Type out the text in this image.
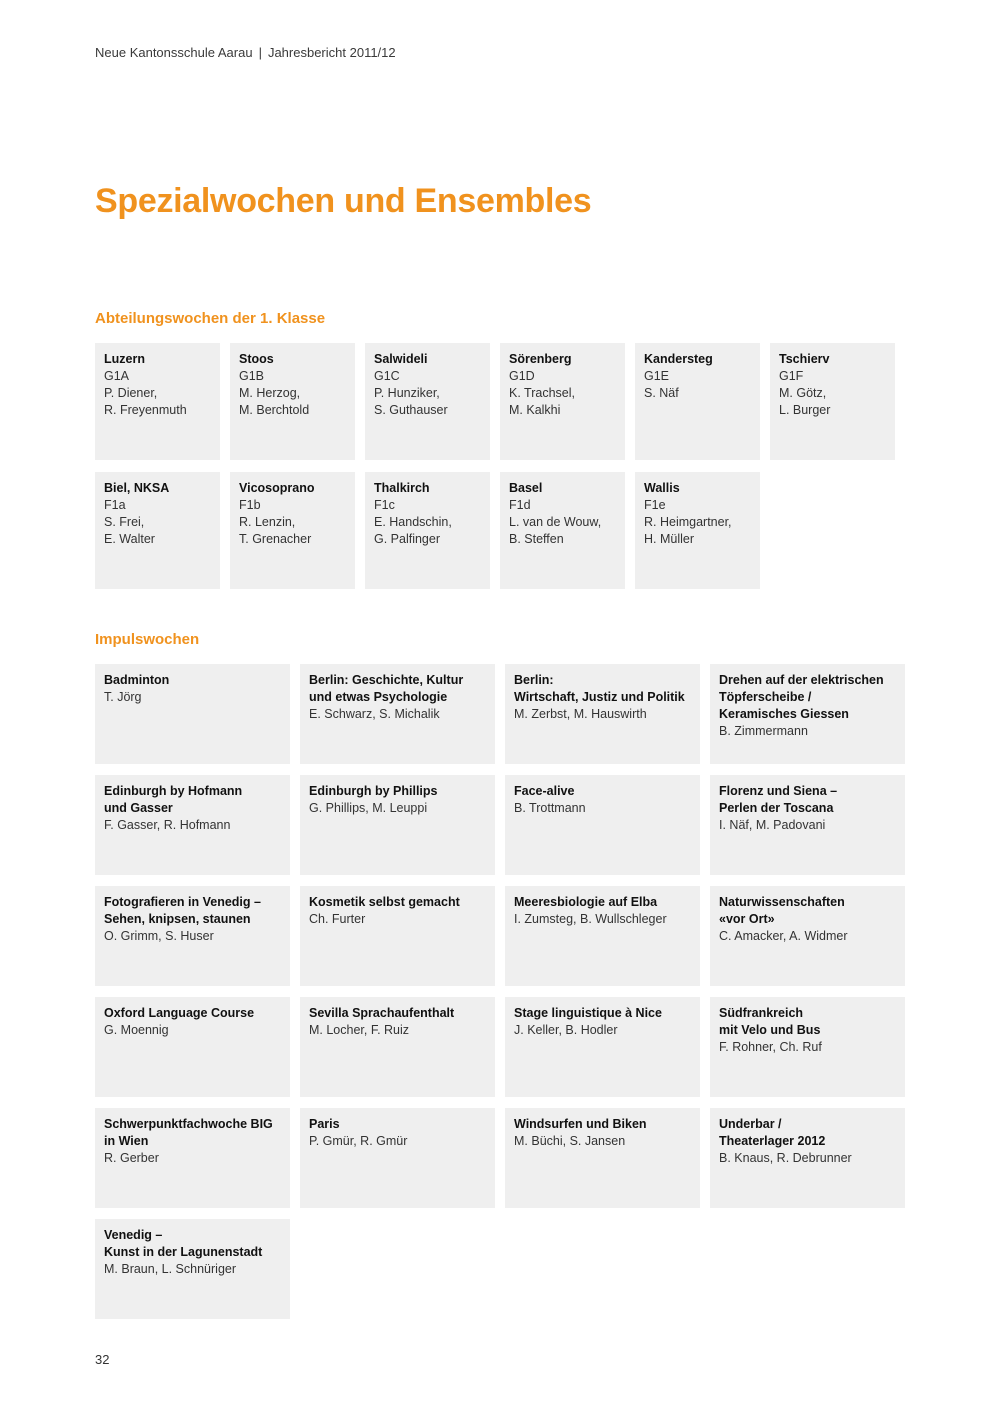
Neue Kantonsschule Aarau | Jahresbericht 2011/12
Spezialwochen und Ensembles
Abteilungswochen der 1. Klasse
Luzern
G1A
P. Diener,
R. Freyenmuth
Stoos
G1B
M. Herzog,
M. Berchtold
Salwideli
G1C
P. Hunziker,
S. Guthauser
Sörenberg
G1D
K. Trachsel,
M. Kalkhi
Kandersteg
G1E
S. Näf
Tschierv
G1F
M. Götz,
L. Burger
Biel, NKSA
F1a
S. Frei,
E. Walter
Vicosoprano
F1b
R. Lenzin,
T. Grenacher
Thalkirch
F1c
E. Handschin,
G. Palfinger
Basel
F1d
L. van de Wouw,
B. Steffen
Wallis
F1e
R. Heimgartner,
H. Müller
Impulswochen
Badminton
T. Jörg
Berlin: Geschichte, Kultur
und etwas Psychologie
E. Schwarz, S. Michalik
Berlin:
Wirtschaft, Justiz und Politik
M. Zerbst, M. Hauswirth
Drehen auf der elektrischen
Töpferscheibe /
Keramisches Giessen
B. Zimmermann
Edinburgh by Hofmann
und Gasser
F. Gasser, R. Hofmann
Edinburgh by Phillips
G. Phillips, M. Leuppi
Face-alive
B. Trottmann
Florenz und Siena –
Perlen der Toscana
I. Näf, M. Padovani
Fotografieren in Venedig –
Sehen, knipsen, staunen
O. Grimm, S. Huser
Kosmetik selbst gemacht
Ch. Furter
Meeresbiologie auf Elba
I. Zumsteg, B. Wullschleger
Naturwissenschaften
«vor Ort»
C. Amacker, A. Widmer
Oxford Language Course
G. Moennig
Sevilla Sprachaufenthalt
M. Locher, F. Ruiz
Stage linguistique à Nice
J. Keller, B. Hodler
Südfrankreich
mit Velo und Bus
F. Rohner, Ch. Ruf
Schwerpunktfachwoche BIG
in Wien
R. Gerber
Paris
P. Gmür, R. Gmür
Windsurfen und Biken
M. Büchi, S. Jansen
Underbar /
Theaterlager 2012
B. Knaus, R. Debrunner
Venedig –
Kunst in der Lagunenstadt
M. Braun, L. Schnüriger
32
